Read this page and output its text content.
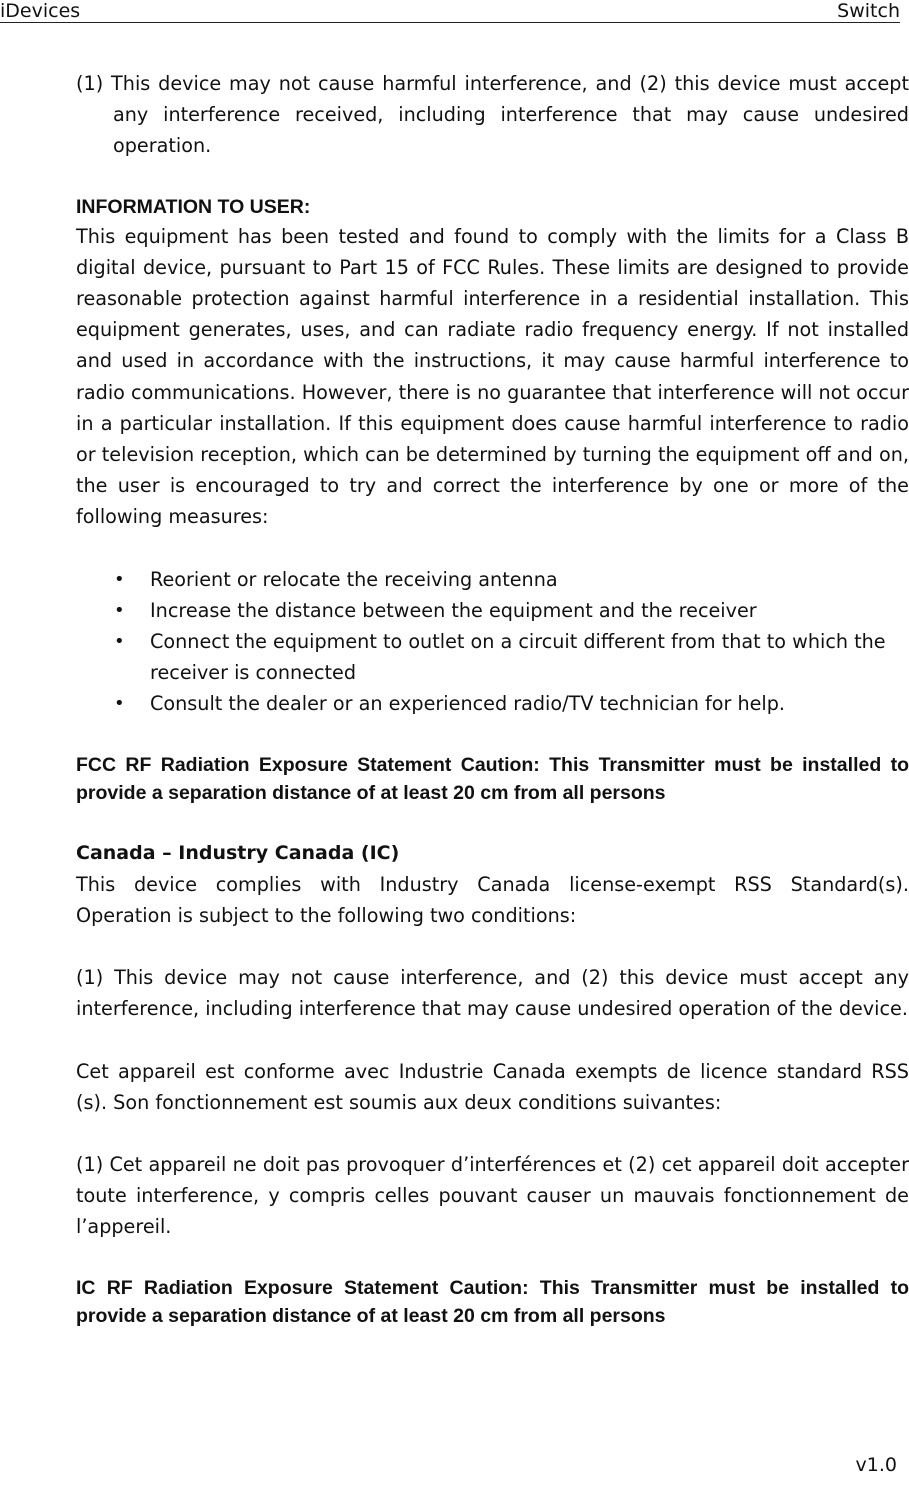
iDevices	Switch

(1) This device may not cause harmful interference, and (2) this device must accept any interference received, including interference that may cause undesired operation.

INFORMATION TO USER:

This equipment has been tested and found to comply with the limits for a Class B digital device, pursuant to Part 15 of FCC Rules. These limits are designed to provide reasonable protection against harmful interference in a residential installation. This equipment generates, uses, and can radiate radio frequency energy. If not installed and used in accordance with the instructions, it may cause harmful interference to radio communications. However, there is no guarantee that interference will not occur in a particular installation. If this equipment does cause harmful interference to radio or television reception, which can be determined by turning the equipment off and on, the user is encouraged to try and correct the interference by one or more of the following measures:

• Reorient or relocate the receiving antenna
• Increase the distance between the equipment and the receiver
• Connect the equipment to outlet on a circuit different from that to which the receiver is connected
• Consult the dealer or an experienced radio/TV technician for help.

FCC RF Radiation Exposure Statement Caution: This Transmitter must be installed to provide a separation distance of at least 20 cm from all persons

Canada – Industry Canada (IC)

This device complies with Industry Canada license-exempt RSS Standard(s). Operation is subject to the following two conditions:

(1) This device may not cause interference, and (2) this device must accept any interference, including interference that may cause undesired operation of the device.

Cet appareil est conforme avec Industrie Canada exempts de licence standard RSS (s). Son fonctionnement est soumis aux deux conditions suivantes:

(1) Cet appareil ne doit pas provoquer d’interférences et (2) cet appareil doit accepter toute interference, y compris celles pouvant causer un mauvais fonctionnement de l’appereil.

IC RF Radiation Exposure Statement Caution: This Transmitter must be installed to provide a separation distance of at least 20 cm from all persons

v1.0
